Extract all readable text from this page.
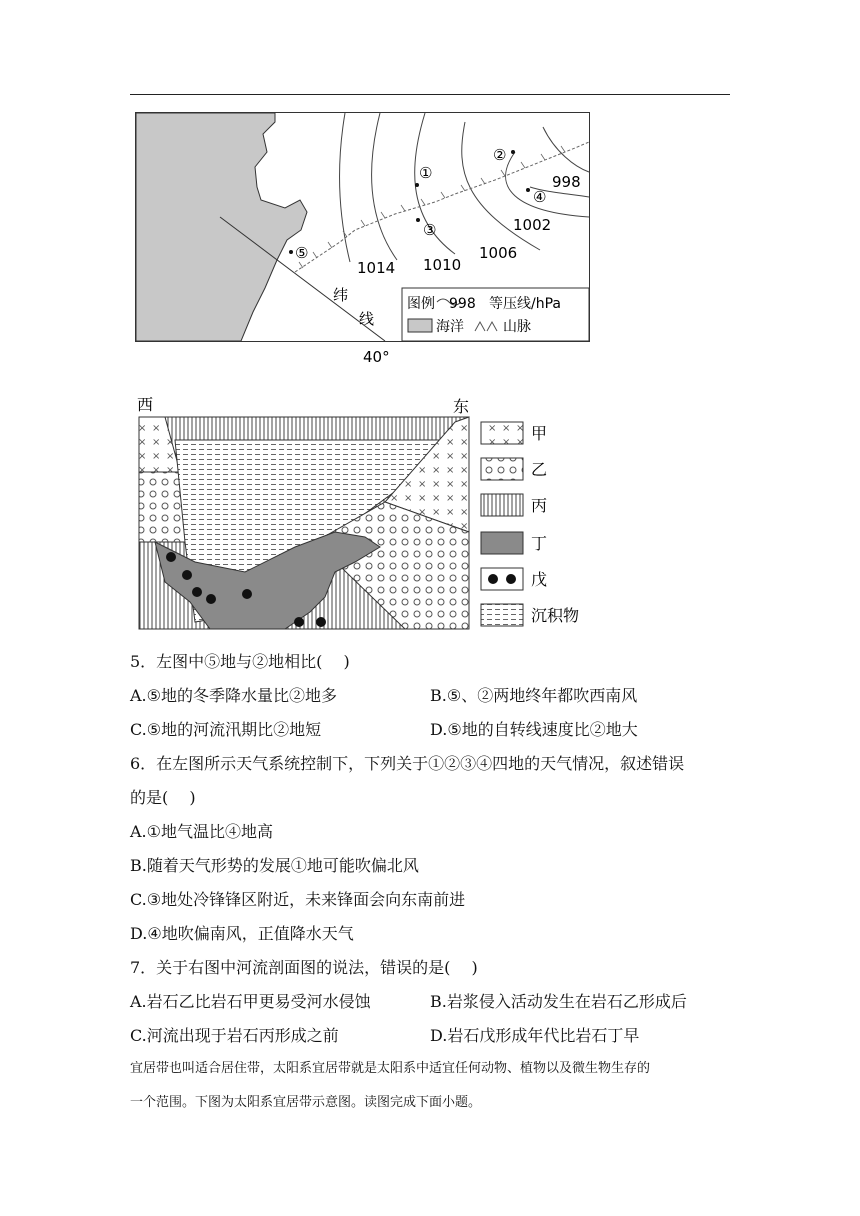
①
②
③
④
⑤
998
1002
1006
1010
1014
纬
线
40°
图例 998 等压线/hPa
海洋	山脉
西	东
甲
乙
丙
丁
戊
沉积物
5．左图中⑤地与②地相比(　 )
A.⑤地的冬季降水量比②地多	B.⑤、②两地终年都吹西南风
C.⑤地的河流汛期比②地短	D.⑤地的自转线速度比②地大
6．在左图所示天气系统控制下，下列关于①②③④四地的天气情况，叙述错误
的是(　 )
A.①地气温比④地高
B.随着天气形势的发展①地可能吹偏北风
C.③地处冷锋锋区附近，未来锋面会向东南前进
D.④地吹偏南风，正值降水天气
7．关于右图中河流剖面图的说法，错误的是(　 )
A.岩石乙比岩石甲更易受河水侵蚀	B.岩浆侵入活动发生在岩石乙形成后
C.河流出现于岩石丙形成之前	D.岩石戊形成年代比岩石丁早
宜居带也叫适合居住带，太阳系宜居带就是太阳系中适宜任何动物、植物以及微生物生存的
一个范围。下图为太阳系宜居带示意图。读图完成下面小题。
